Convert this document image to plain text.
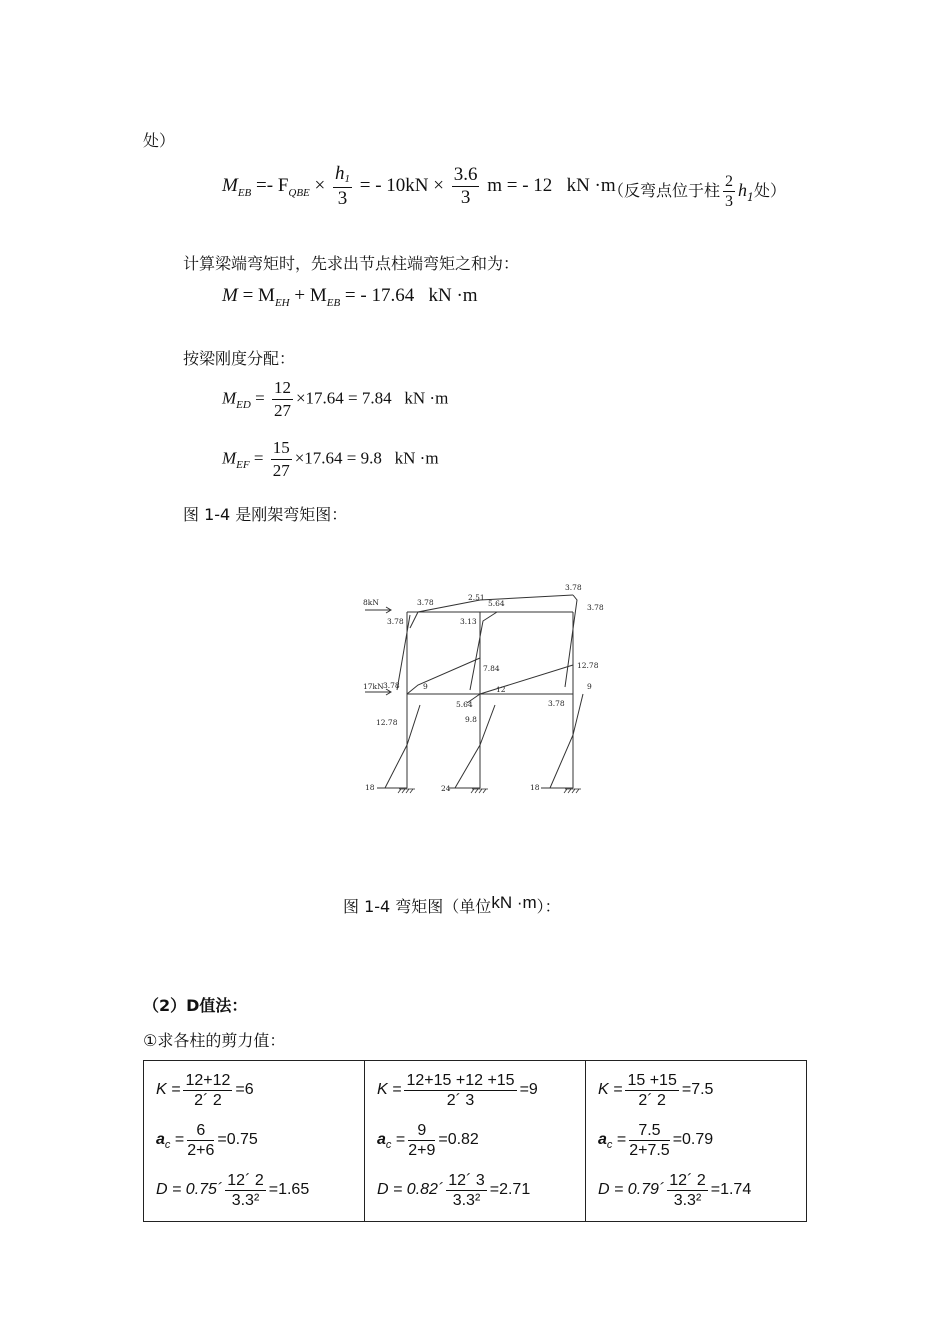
处）
$M_{EB} =- F_{QBE} \times \frac{h1}{3}$ = - $10kN \times \frac{3.6}{3}$ m = - 12 kN ·m
（反弯点位于柱 $\frac{2}{3} h_1$处）
计算梁端弯矩时，先求出节点柱端弯矩之和为：
$M = M_{EH} + M_{EB}$ = - 17.64 kN ·m
按梁刚度分配：
$M_{ED} = \frac{12}{27} \times 17.64 = 7.84$ kN ·m
$M_{EF} = \frac{15}{27} \times 17.64 = 9.8$ kN ·m
图 1-4 是刚架弯矩图：
8kN
17kN
3.78
2.51
3.78
5.64	3.78
3.78	3.13
7.84	12.78
3.78	9	12	9
5.64	3.78
12.78	9.8
18	24	18
图 1-4 弯矩图（单位kN ·m）：
（2）D值法：
①求各柱的剪力值：
$K = \frac{12+12}{2´ 2} =6$
a c
= $\frac{6}{2+6} =0.75$
D = 0.75´ $\frac{12´ 2}{\text{3.3²}} =1.65$

$K = \frac{12+15 +12 +15}{2´ 3} =9$
a c
= $\frac{9}{2+9} =0.82$
D = 0.82´ $\frac{12´ 3}{\text{3.3²}} =2.71$

$K = \frac{15 +15}{2´ 2} =7.5$
a c
= $\frac{7.5}{2+7.5} =0.79$
D = 0.79´ $\frac{12´ 2}{\text{3.3²}} =1.74$
